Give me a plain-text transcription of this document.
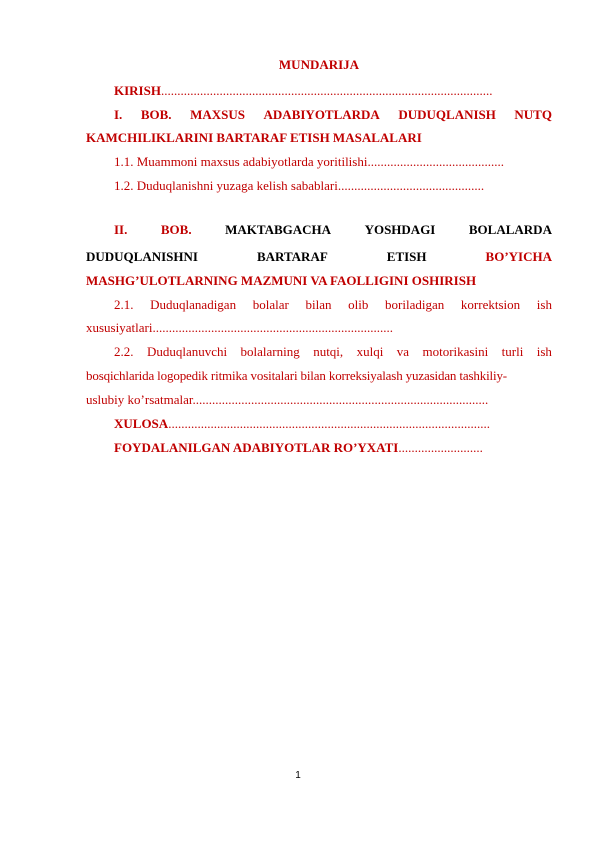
MUNDARIJA
KIRISH......................................................................................................
I. BOB. MAXSUS ADABIYOTLARDA DUDUQLANISH NUTQ
KAMCHILIKLARINI BARTARAF ETISH MASALALARI
1.1. Muammoni maxsus adabiyotlarda yoritilishi..........................................
1.2. Duduqlanishni yuzaga kelish sabablari.............................................
II.	BOB.	MAKTABGACHA	YOSHDAGI	BOLALARDA
DUDUQLANISHNI	BARTARAF	ETISH	BO’YICHA
MASHG’ULOTLARNING MAZMUNI VA FAOLLIGINI OSHIRISH
2.1. Duduqlanadigan bolalar bilan olib boriladigan korrektsion ish
xususiyatlari..........................................................................
2.2. Duduqlanuvchi bolalarning nutqi, xulqi va motorikasini turli ish
bosqichlarida logopedik ritmika vositalari bilan korreksiyalash yuzasidan tashkiliy-
uslubiy ko’rsatmalar...........................................................................................
XULOSA...................................................................................................
FOYDALANILGAN ADABIYOTLAR RO’YXATI..........................
1
